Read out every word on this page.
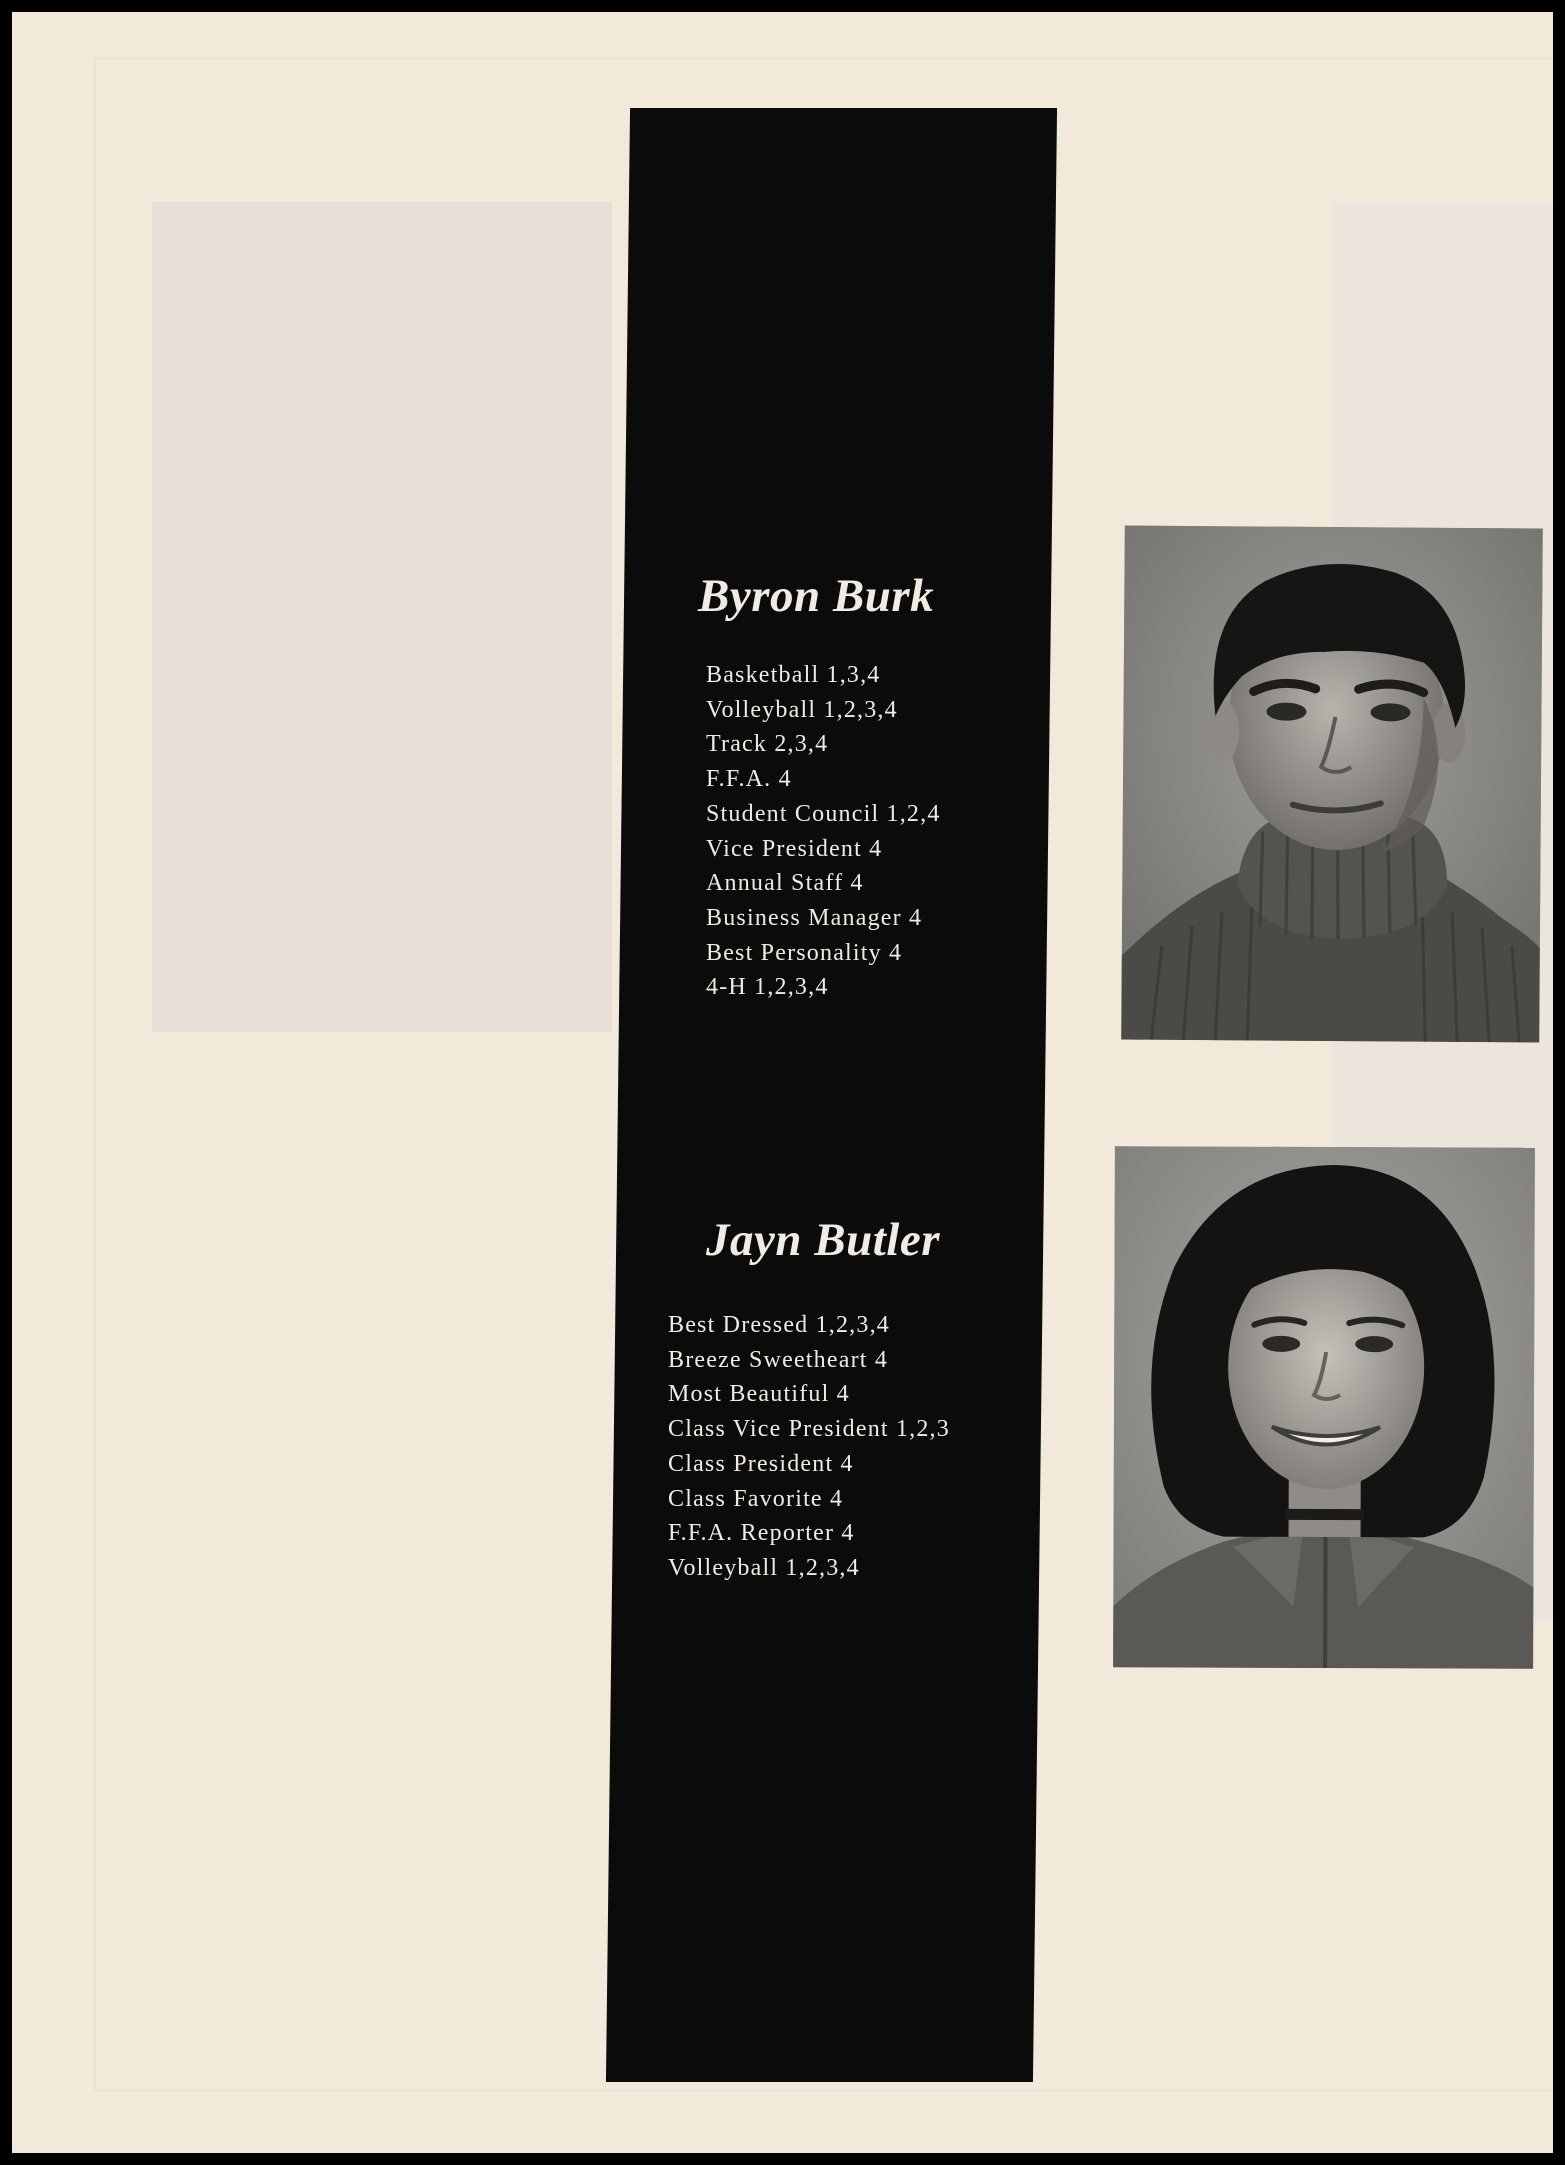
Byron Burk
Basketball 1,3,4
Volleyball 1,2,3,4
Track 2,3,4
F.F.A. 4
Student Council 1,2,4
Vice President 4
Annual Staff 4
Business Manager 4
Best Personality 4
4-H 1,2,3,4
Jayn Butler
Best Dressed 1,2,3,4
Breeze Sweetheart 4
Most Beautiful 4
Class Vice President 1,2,3
Class President 4
Class Favorite 4
F.F.A. Reporter 4
Volleyball 1,2,3,4
